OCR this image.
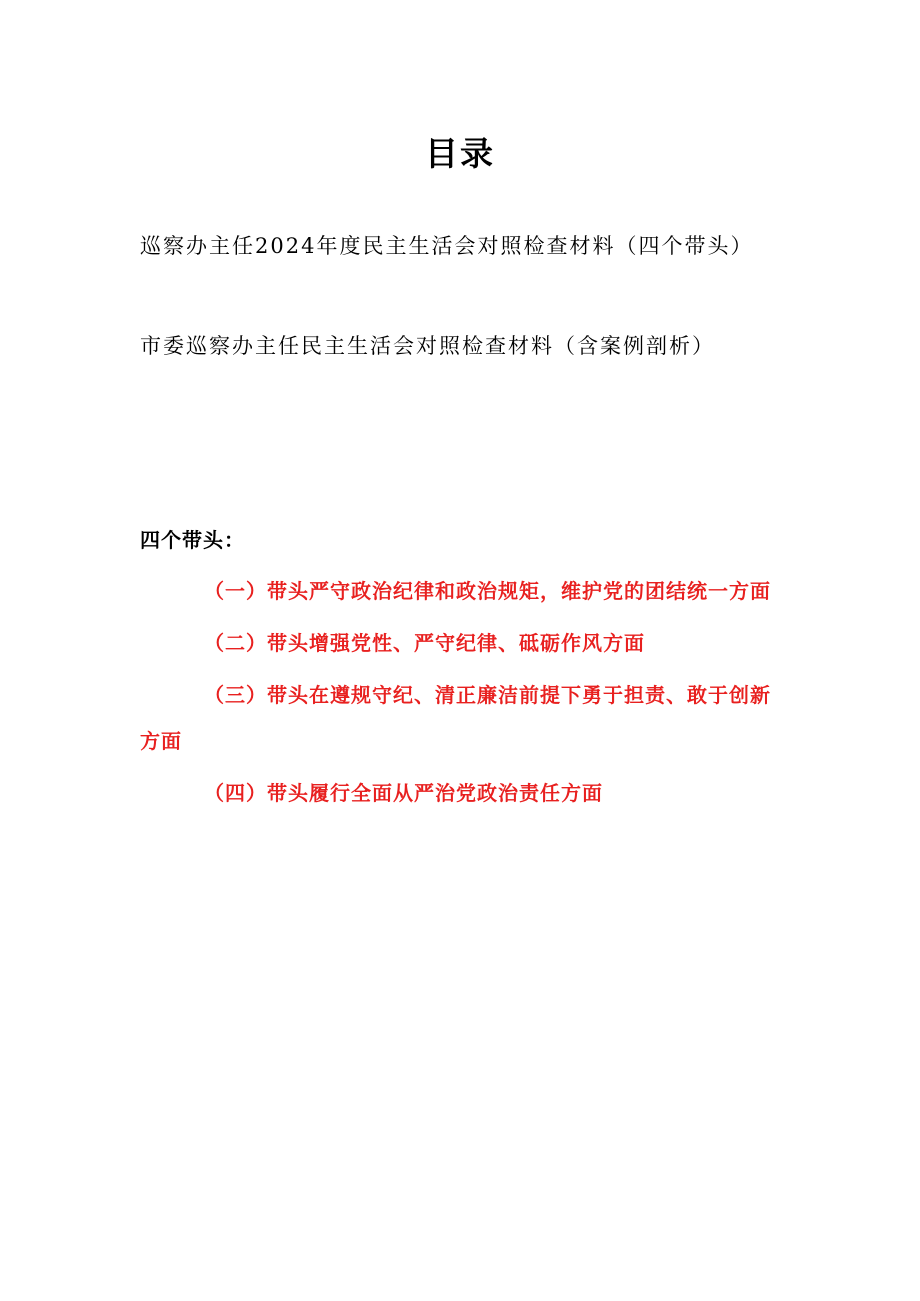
目录
巡察办主任2024年度民主生活会对照检查材料（四个带头）
市委巡察办主任民主生活会对照检查材料（含案例剖析）
四个带头：

（一）带头严守政治纪律和政治规矩，维护党的团结统一方面

（二）带头增强党性、严守纪律、砥砺作风方面

（三）带头在遵规守纪、清正廉洁前提下勇于担责、敢于创新方面

（四）带头履行全面从严治党政治责任方面
